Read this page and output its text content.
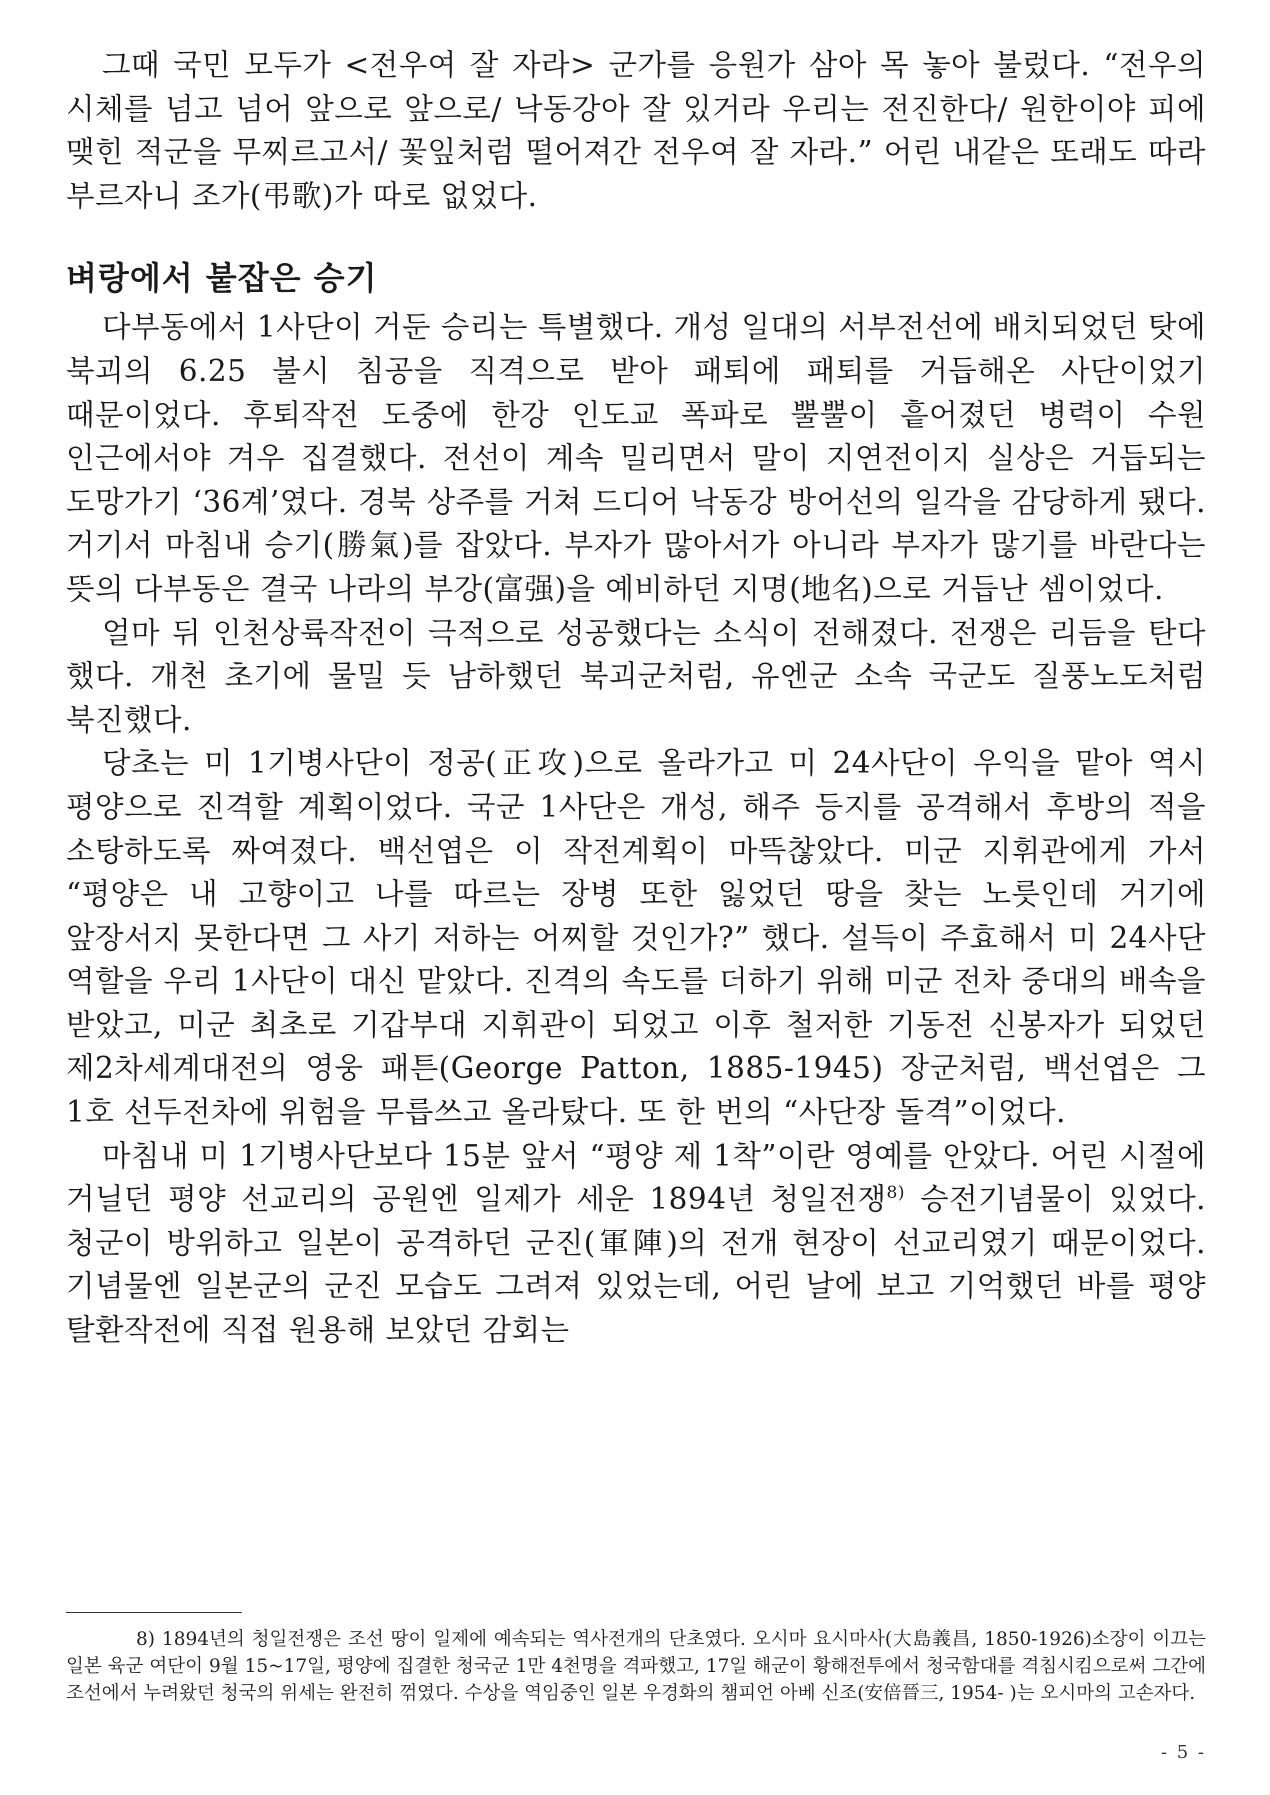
그때 국민 모두가 <전우여 잘 자라> 군가를 응원가 삼아 목 놓아 불렀다. “전우의 시체를 넘고 넘어 앞으로 앞으로/ 낙동강아 잘 있거라 우리는 전진한다/ 원한이야 피에 맺힌 적군을 무찌르고서/ 꽃잎처럼 떨어져간 전우여 잘 자라.” 어린 내같은 또래도 따라 부르자니 조가(弔歌)가 따로 없었다.

벼랑에서 붙잡은 승기

다부동에서 1사단이 거둔 승리는 특별했다. 개성 일대의 서부전선에 배치되었던 탓에 북괴의 6.25 불시 침공을 직격으로 받아 패퇴에 패퇴를 거듭해온 사단이었기 때문이었다. 후퇴작전 도중에 한강 인도교 폭파로 뿔뿔이 흩어졌던 병력이 수원 인근에서야 겨우 집결했다. 전선이 계속 밀리면서 말이 지연전이지 실상은 거듭되는 도망가기 ‘36계’였다. 경북 상주를 거쳐 드디어 낙동강 방어선의 일각을 감당하게 됐다. 거기서 마침내 승기(勝氣)를 잡았다. 부자가 많아서가 아니라 부자가 많기를 바란다는 뜻의 다부동은 결국 나라의 부강(富强)을 예비하던 지명(地名)으로 거듭난 셈이었다.

얼마 뒤 인천상륙작전이 극적으로 성공했다는 소식이 전해졌다. 전쟁은 리듬을 탄다 했다. 개천 초기에 물밀 듯 남하했던 북괴군처럼, 유엔군 소속 국군도 질풍노도처럼 북진했다.

당초는 미 1기병사단이 정공(正攻)으로 올라가고 미 24사단이 우익을 맡아 역시 평양으로 진격할 계획이었다. 국군 1사단은 개성, 해주 등지를 공격해서 후방의 적을 소탕하도록 짜여졌다. 백선엽은 이 작전계획이 마뜩찮았다. 미군 지휘관에게 가서 “평양은 내 고향이고 나를 따르는 장병 또한 잃었던 땅을 찾는 노릇인데 거기에 앞장서지 못한다면 그 사기 저하는 어찌할 것인가?” 했다. 설득이 주효해서 미 24사단 역할을 우리 1사단이 대신 맡았다. 진격의 속도를 더하기 위해 미군 전차 중대의 배속을 받았고, 미군 최초로 기갑부대 지휘관이 되었고 이후 철저한 기동전 신봉자가 되었던 제2차세계대전의 영웅 패튼(George Patton, 1885-1945) 장군처럼, 백선엽은 그 1호 선두전차에 위험을 무릅쓰고 올라탔다. 또 한 번의 “사단장 돌격”이었다.

마침내 미 1기병사단보다 15분 앞서 “평양 제 1착”이란 영예를 안았다. 어린 시절에 거닐던 평양 선교리의 공원엔 일제가 세운 1894년 청일전쟁$^{8)}$ 승전기념물이 있었다. 청군이 방위하고 일본이 공격하던 군진(軍陣)의 전개 현장이 선교리였기 때문이었다. 기념물엔 일본군의 군진 모습도 그려져 있었는데, 어린 날에 보고 기억했던 바를 평양 탈환작전에 직접 원용해 보았던 감회는

8) 1894년의 청일전쟁은 조선 땅이 일제에 예속되는 역사전개의 단초였다. 오시마 요시마사(大島義昌, 1850-1926)소장이 이끄는 일본 육군 여단이 9월 15~17일, 평양에 집결한 청국군 1만 4천명을 격파했고, 17일 해군이 황해전투에서 청국함대를 격침시킴으로써 그간에 조선에서 누려왔던 청국의 위세는 완전히 꺾였다. 수상을 역임중인 일본 우경화의 챔피언 아베 신조(安倍晉三, 1954- )는 오시마의 고손자다.

- 5 -
